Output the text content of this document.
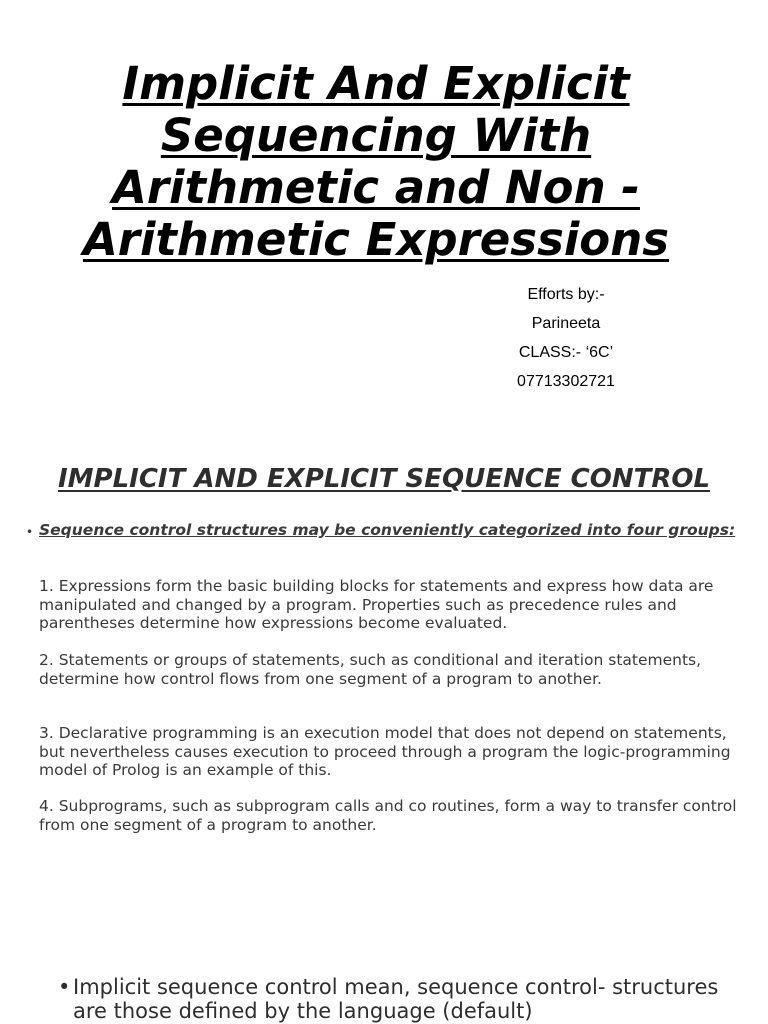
Implicit And Explicit Sequencing With Arithmetic and Non - Arithmetic Expressions
Efforts by:-
Parineeta
CLASS:- ‘6C’
07713302721
IMPLICIT AND EXPLICIT SEQUENCE CONTROL
• Sequence control structures may be conveniently categorized into four groups:

1. Expressions form the basic building blocks for statements and express how data are manipulated and changed by a program. Properties such as precedence rules and parentheses determine how expressions become evaluated.

2. Statements or groups of statements, such as conditional and iteration statements, determine how control flows from one segment of a program to another.

3. Declarative programming is an execution model that does not depend on statements, but nevertheless causes execution to proceed through a program the logic-programming model of Prolog is an example of this.

4. Subprograms, such as subprogram calls and co routines, form a way to transfer control from one segment of a program to another.

• Implicit sequence control mean, sequence control- structures are those defined by the language (default)
